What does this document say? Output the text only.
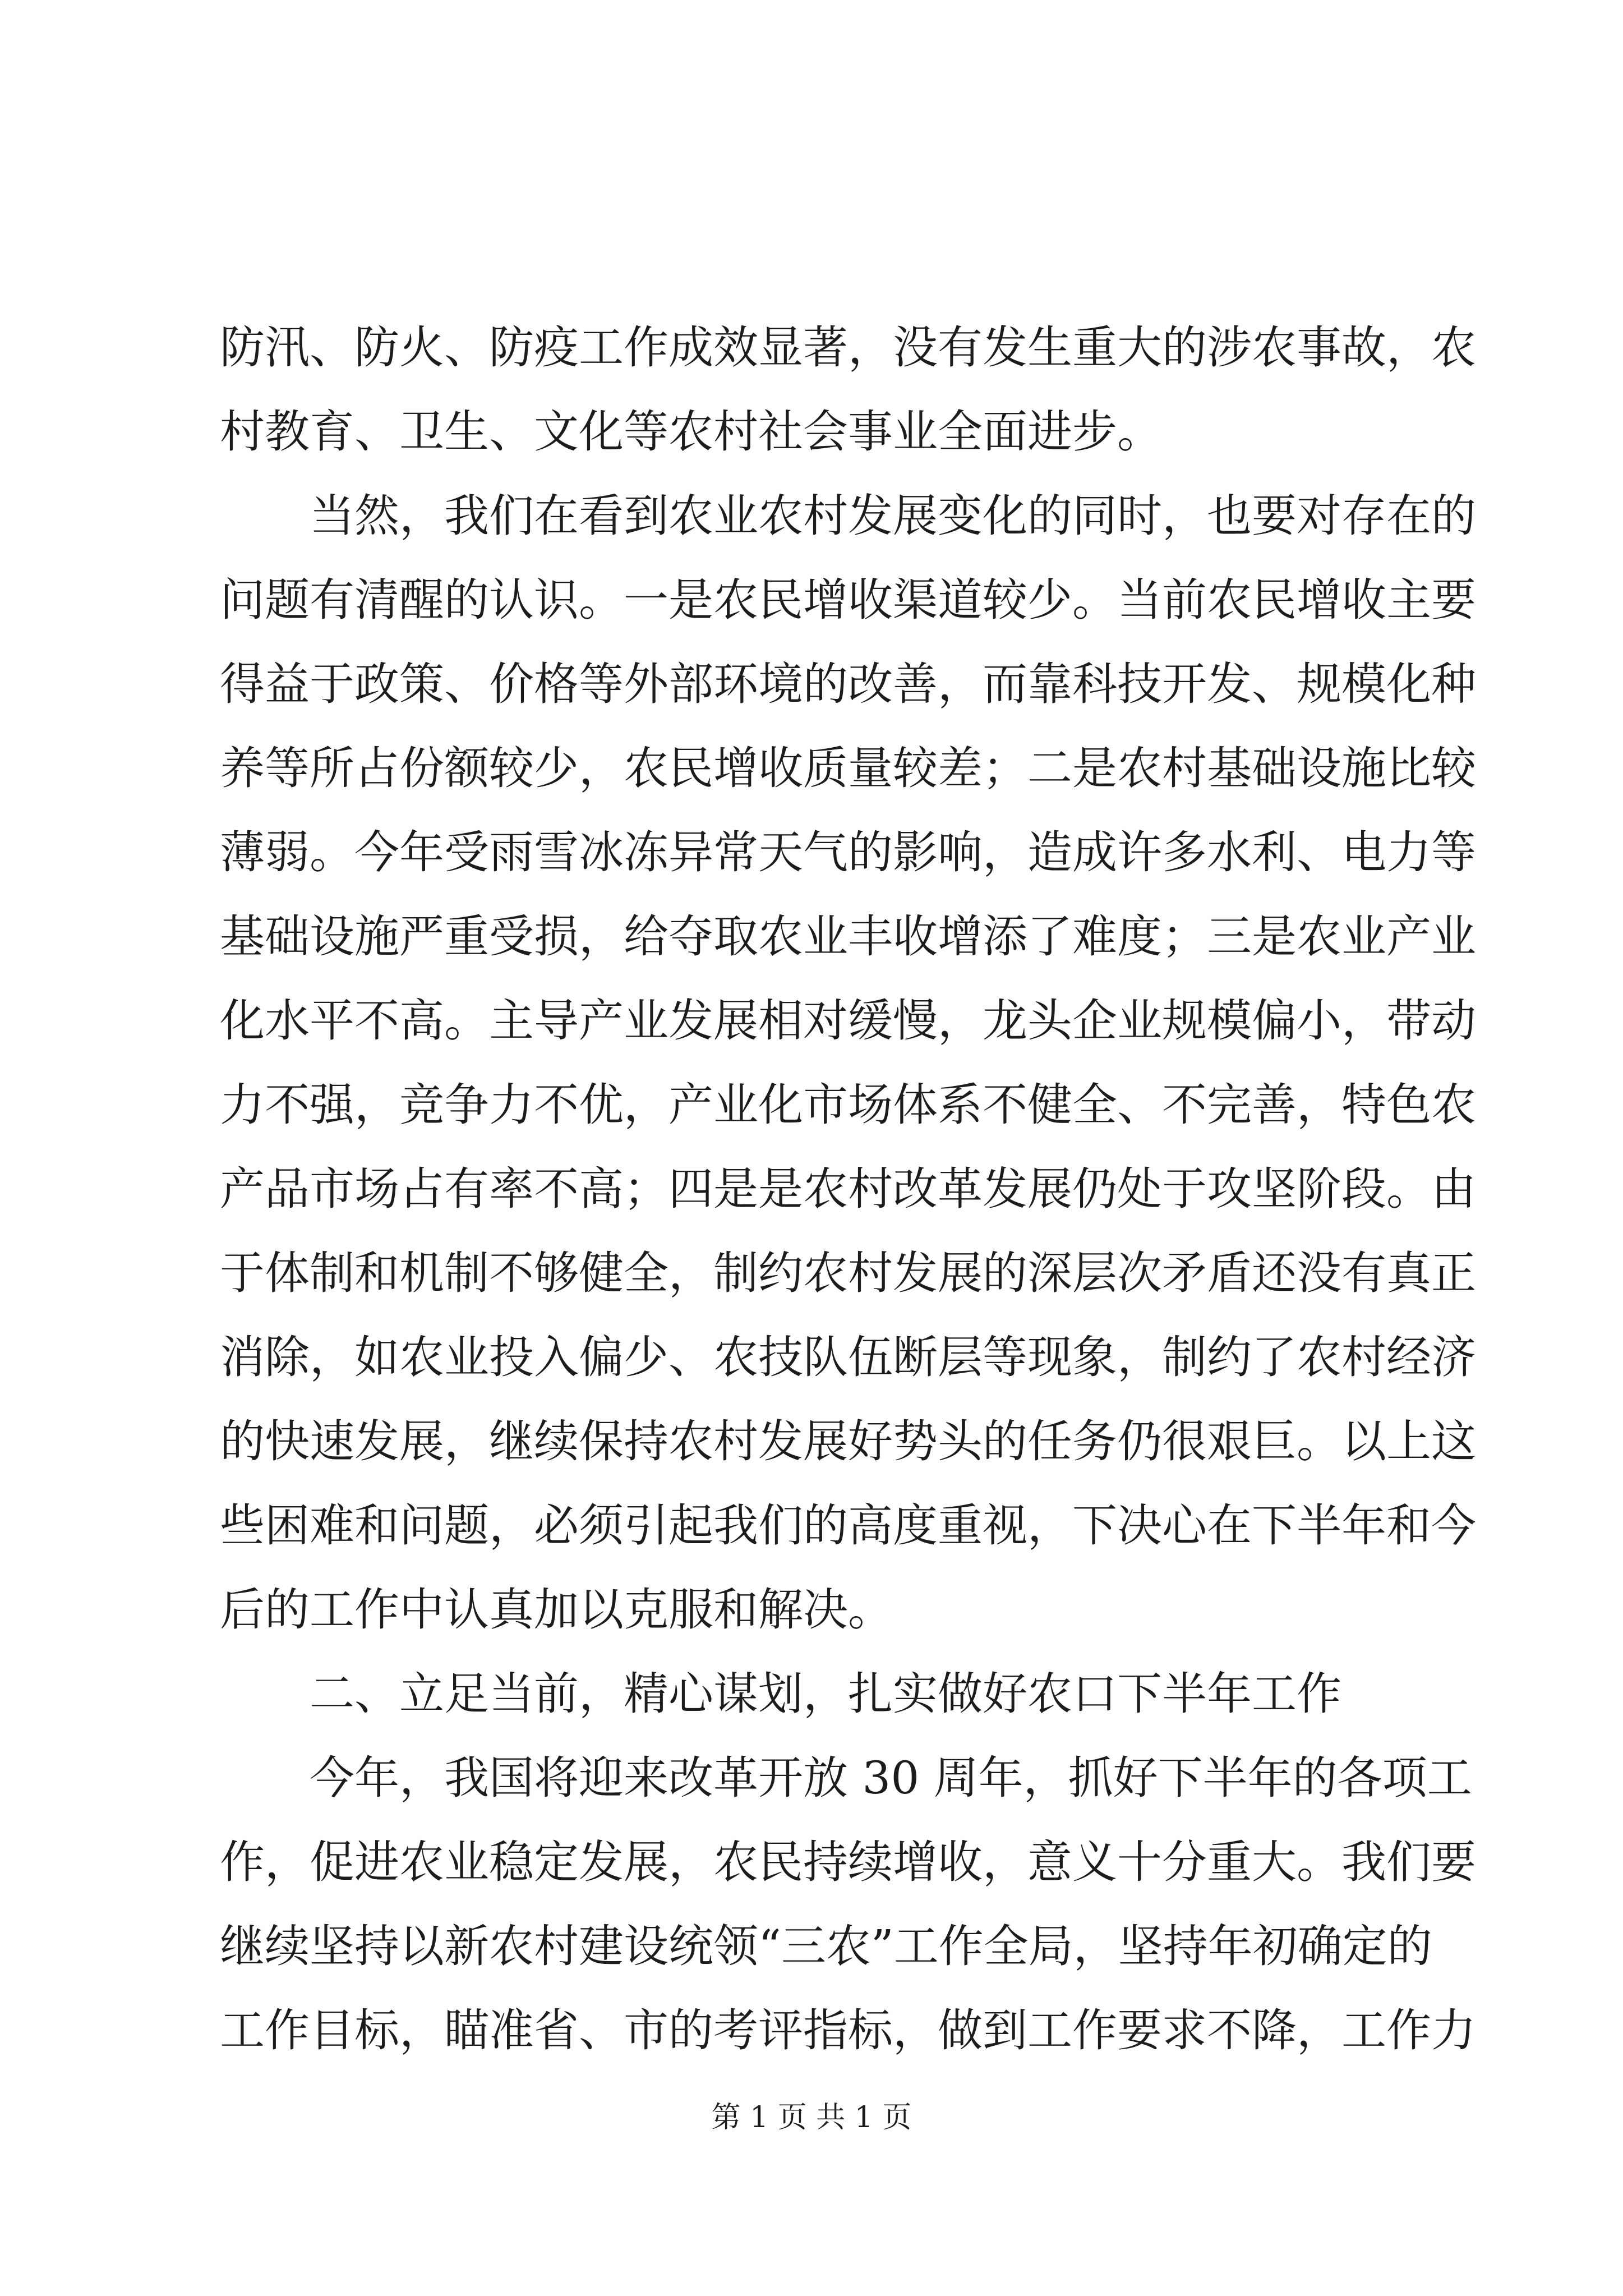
防汛、防火、防疫工作成效显著，没有发生重大的涉农事故，农
村教育、卫生、文化等农村社会事业全面进步。
当然，我们在看到农业农村发展变化的同时，也要对存在的
问题有清醒的认识。一是农民增收渠道较少。当前农民增收主要
得益于政策、价格等外部环境的改善，而靠科技开发、规模化种
养等所占份额较少，农民增收质量较差；二是农村基础设施比较
薄弱。今年受雨雪冰冻异常天气的影响，造成许多水利、电力等
基础设施严重受损，给夺取农业丰收增添了难度；三是农业产业
化水平不高。主导产业发展相对缓慢，龙头企业规模偏小，带动
力不强，竞争力不优，产业化市场体系不健全、不完善，特色农
产品市场占有率不高；四是是农村改革发展仍处于攻坚阶段。由
于体制和机制不够健全，制约农村发展的深层次矛盾还没有真正
消除，如农业投入偏少、农技队伍断层等现象，制约了农村经济
的快速发展，继续保持农村发展好势头的任务仍很艰巨。以上这
些困难和问题，必须引起我们的高度重视，下决心在下半年和今
后的工作中认真加以克服和解决。
二、立足当前，精心谋划，扎实做好农口下半年工作
今年，我国将迎来改革开放 30 周年，抓好下半年的各项工
作，促进农业稳定发展，农民持续增收，意义十分重大。我们要
继续坚持以新农村建设统领“三农”工作全局，坚持年初确定的
工作目标，瞄准省、市的考评指标，做到工作要求不降，工作力
第 1 页 共 1 页
